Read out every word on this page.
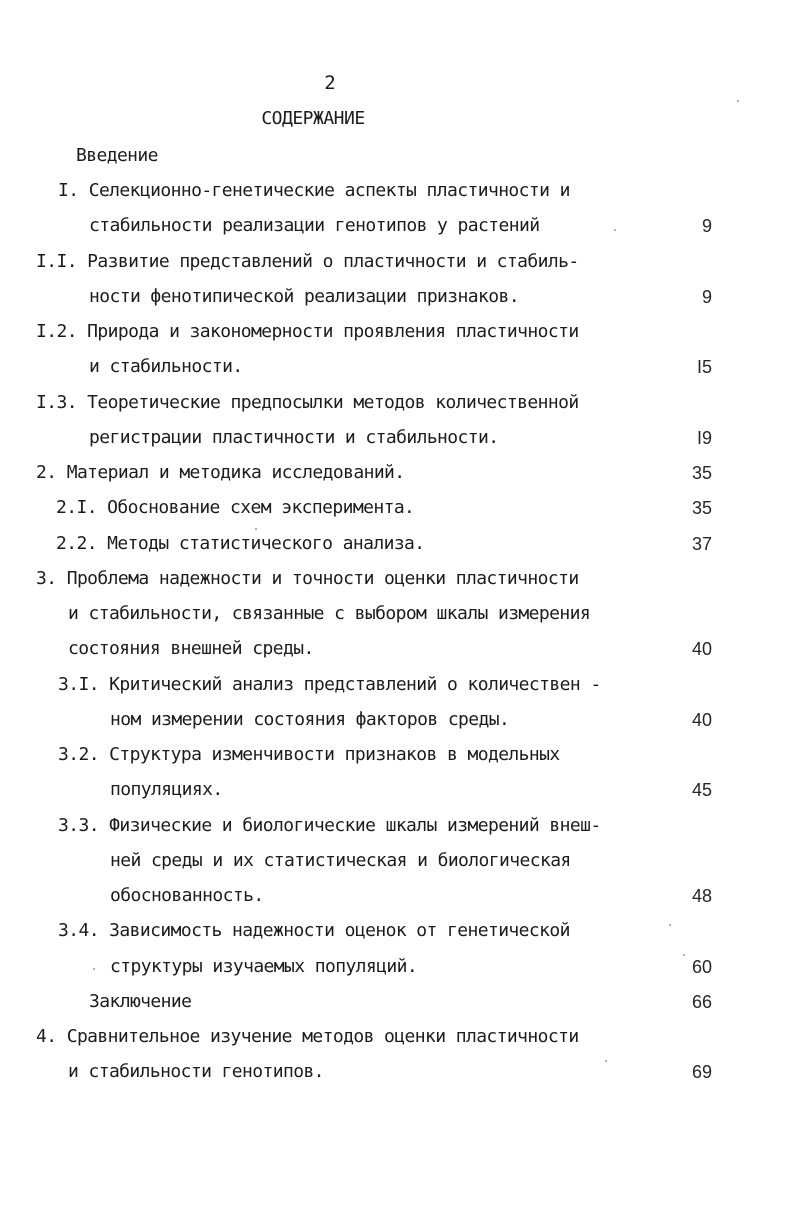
2
СОДЕРЖАНИЕ
Введение
I. Селекционно-генетические аспекты пластичности и
стабильности реализации генотипов у растений
I.I. Развитие представлений о пластичности и стабиль-
ности фенотипической реализации признаков.
I.2. Природа и закономерности проявления пластичности
и стабильности.
I.3. Теоретические предпосылки методов количественной
регистрации пластичности и стабильности.
2. Материал и методика исследований.
2.I. Обоснование схем эксперимента.
2.2. Методы статистического анализа.
3. Проблема надежности и точности оценки пластичности
и стабильности, связанные с выбором шкалы измерения
состояния внешней среды.
3.I. Критический анализ представлений о количествен -
ном измерении состояния факторов среды.
3.2. Структура изменчивости признаков в модельных
популяциях.
3.3. Физические и биологические шкалы измерений внеш-
ней среды и их статистическая и биологическая
обоснованность.
3.4. Зависимость надежности оценок от генетической
структуры изучаемых популяций.
Заключение
4. Сравнительное изучение методов оценки пластичности
и стабильности генотипов.
9
9
I5
I9
35
35
37
40
40
45
48
60
66
69
